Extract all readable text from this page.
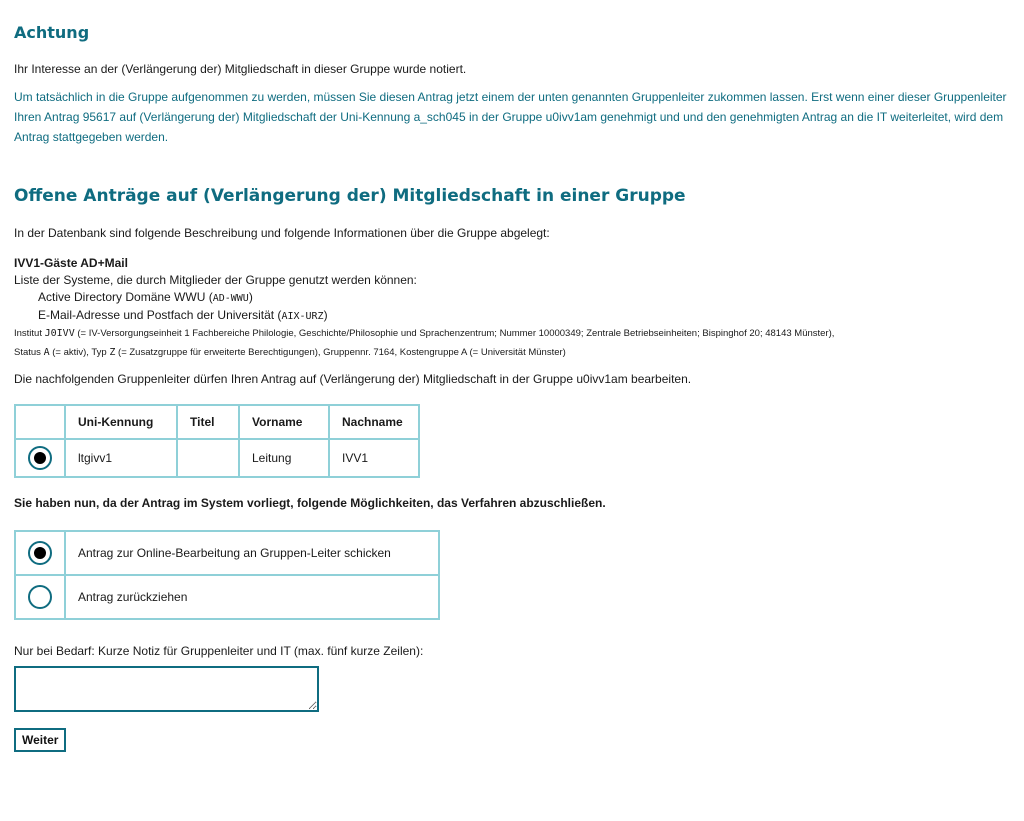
Achtung

Ihr Interesse an der (Verlängerung der) Mitgliedschaft in dieser Gruppe wurde notiert.

Um tatsächlich in die Gruppe aufgenommen zu werden, müssen Sie diesen Antrag jetzt einem der unten genannten Gruppenleiter zukommen lassen. Erst wenn einer dieser Gruppenleiter Ihren Antrag 95617 auf (Verlängerung der) Mitgliedschaft der Uni-Kennung a_sch045 in der Gruppe u0ivv1am genehmigt und und den genehmigten Antrag an die IT weiterleitet, wird dem Antrag stattgegeben werden.

Offene Anträge auf (Verlängerung der) Mitgliedschaft in einer Gruppe

In der Datenbank sind folgende Beschreibung und folgende Informationen über die Gruppe abgelegt:

IVV1-Gäste AD+Mail
Liste der Systeme, die durch Mitglieder der Gruppe genutzt werden können:
Active Directory Domäne WWU (AD-WWU)
E-Mail-Adresse und Postfach der Universität (AIX-URZ)
Institut J0IVV (= IV-Versorgungseinheit 1 Fachbereiche Philologie, Geschichte/Philosophie und Sprachenzentrum; Nummer 10000349; Zentrale Betriebseinheiten; Bispinghof 20; 48143 Münster),
Status A (= aktiv), Typ Z (= Zusatzgruppe für erweiterte Berechtigungen), Gruppennr. 7164, Kostengruppe A (= Universität Münster)

Die nachfolgenden Gruppenleiter dürfen Ihren Antrag auf (Verlängerung der) Mitgliedschaft in der Gruppe u0ivv1am bearbeiten.

	Uni-Kennung	Titel	Vorname	Nachname
	ltgivv1		Leitung	IVV1

Sie haben nun, da der Antrag im System vorliegt, folgende Möglichkeiten, das Verfahren abzuschließen.

	Antrag zur Online-Bearbeitung an Gruppen-Leiter schicken
	Antrag zurückziehen

Nur bei Bedarf: Kurze Notiz für Gruppenleiter und IT (max. fünf kurze Zeilen):

Weiter
